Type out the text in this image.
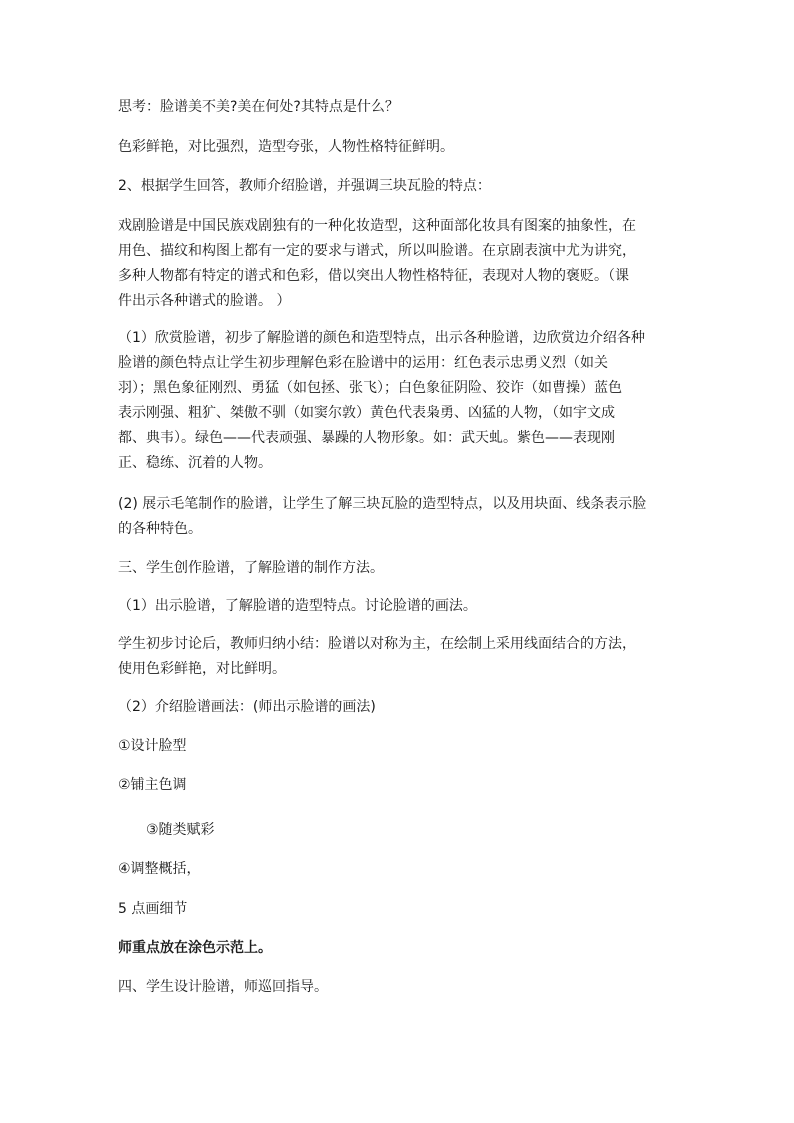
思考：脸谱美不美?美在何处?其特点是什么？

色彩鲜艳，对比强烈，造型夸张，人物性格特征鲜明。

2、根据学生回答，教师介绍脸谱，并强调三块瓦脸的特点：

戏剧脸谱是中国民族戏剧独有的一种化妆造型，这种面部化妆具有图案的抽象性，在
用色、描纹和构图上都有一定的要求与谱式，所以叫脸谱。在京剧表演中尤为讲究，
多种人物都有特定的谱式和色彩，借以突出人物性格特征，表现对人物的褒贬。（课
件出示各种谱式的脸谱。 ）

（1）欣赏脸谱，初步了解脸谱的颜色和造型特点，出示各种脸谱，边欣赏边介绍各种
脸谱的颜色特点让学生初步理解色彩在脸谱中的运用：红色表示忠勇义烈（如关
羽）；黑色象征刚烈、勇猛（如包拯、张飞）；白色象征阴险、狡诈（如曹操）蓝色
表示刚强、粗犷、桀傲不驯（如窦尔敦）黄色代表枭勇、凶猛的人物，（如宇文成
都、典韦）。绿色——代表顽强、暴躁的人物形象。如：武天虬。紫色——表现刚
正、稳练、沉着的人物。

(2) 展示毛笔制作的脸谱，让学生了解三块瓦脸的造型特点，以及用块面、线条表示脸
的各种特色。

三、学生创作脸谱，了解脸谱的制作方法。

（1）出示脸谱，了解脸谱的造型特点。讨论脸谱的画法。

学生初步讨论后，教师归纳小结：脸谱以对称为主，在绘制上采用线面结合的方法，
使用色彩鲜艳，对比鲜明。

（2）介绍脸谱画法：(师出示脸谱的画法)

①设计脸型

②铺主色调

③随类赋彩

④调整概括，

5 点画细节

师重点放在涂色示范上。

四、学生设计脸谱，师巡回指导。
